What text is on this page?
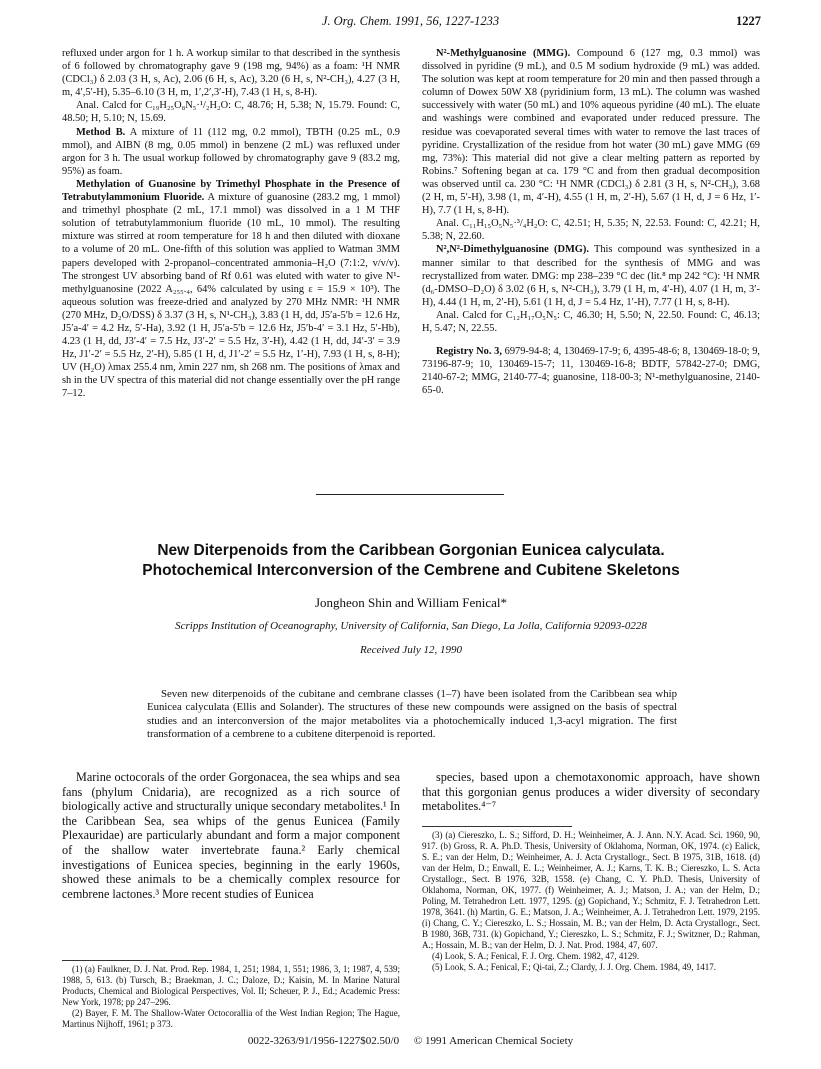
J. Org. Chem. 1991, 56, 1227-1233	1227

refluxed under argon for 1 h. A workup similar to that described in the synthesis of 6 followed by chromatography gave 9 (198 mg, 94%) as a foam: ¹H NMR (CDCl₃) δ 2.03 (3 H, s, Ac), 2.06 (6 H, s, Ac), 3.20 (6 H, s, N²-CH₃), 4.27 (3 H, m, 4′,5′-H), 5.35–6.10 (3 H, m, 1′,2′,3′-H), 7.43 (1 H, s, 8-H).

Anal. Calcd for C₁₉H₂₅O₈N₅·¹/₂H₂O: C, 48.76; H, 5.38; N, 15.79. Found: C, 48.50; H, 5.10; N, 15.69.

Method B. A mixture of 11 (112 mg, 0.2 mmol), TBTH (0.25 mL, 0.9 mmol), and AIBN (8 mg, 0.05 mmol) in benzene (2 mL) was refluxed under argon for 3 h. The usual workup followed by chromatography gave 9 (83.2 mg, 95%) as foam.

Methylation of Guanosine by Trimethyl Phosphate in the Presence of Tetrabutylammonium Fluoride. A mixture of guanosine (283.2 mg, 1 mmol) and trimethyl phosphate (2 mL, 17.1 mmol) was dissolved in a 1 M THF solution of tetrabutylammonium fluoride (10 mL, 10 mmol). The resulting mixture was stirred at room temperature for 18 h and then diluted with dioxane to a volume of 20 mL. One-fifth of this solution was applied to Watman 3MM papers developed with 2-propanol–concentrated ammonia–H₂O (7:1:2, v/v/v). The strongest UV absorbing band of Rf 0.61 was eluted with water to give N¹-methylguanosine (2022 A₂₅₅.₄, 64% calculated by using ε = 15.9 × 10³). The aqueous solution was freeze-dried and analyzed by 270 MHz NMR: ¹H NMR (270 MHz, D₂O/DSS) δ 3.37 (3 H, s, N¹-CH₃), 3.83 (1 H, dd, J5′a-5′b = 12.6 Hz, J5′a-4′ = 4.2 Hz, 5′-Ha), 3.92 (1 H, J5′a-5′b = 12.6 Hz, J5′b-4′ = 3.1 Hz, 5′-Hb), 4.23 (1 H, dd, J3′-4′ = 7.5 Hz, J3′-2′ = 5.5 Hz, 3′-H), 4.42 (1 H, dd, J4′-3′ = 3.9 Hz, J1′-2′ = 5.5 Hz, 2′-H), 5.85 (1 H, d, J1′-2′ = 5.5 Hz, 1′-H), 7.93 (1 H, s, 8-H); UV (H₂O) λmax 255.4 nm, λmin 227 nm, sh 268 nm. The positions of λmax and sh in the UV spectra of this material did not change essentially over the pH range 7–12.

N²-Methylguanosine (MMG). Compound 6 (127 mg, 0.3 mmol) was dissolved in pyridine (9 mL), and 0.5 M sodium hydroxide (9 mL) was added. The solution was kept at room temperature for 20 min and then passed through a column of Dowex 50W X8 (pyridinium form, 13 mL). The column was washed successively with water (50 mL) and 10% aqueous pyridine (40 mL). The eluate and washings were combined and evaporated under reduced pressure. The residue was coevaporated several times with water to remove the last traces of pyridine. Crystallization of the residue from hot water (30 mL) gave MMG (69 mg, 73%): This material did not give a clear melting pattern as reported by Robins.⁷ Softening began at ca. 179 °C and from then gradual decomposition was observed until ca. 230 °C: ¹H NMR (CDCl₃) δ 2.81 (3 H, s, N²-CH₃), 3.68 (2 H, m, 5′-H), 3.98 (1, m, 4′-H), 4.55 (1 H, m, 2′-H), 5.67 (1 H, d, J = 6 Hz, 1′-H), 7.7 (1 H, s, 8-H).

Anal. C₁₁H₁₅O₅N₅·³/₄H₂O: C, 42.51; H, 5.35; N, 22.53. Found: C, 42.21; H, 5.38; N, 22.60.

N²,N²-Dimethylguanosine (DMG). This compound was synthesized in a manner similar to that described for the synthesis of MMG and was recrystallized from water. DMG: mp 238–239 °C dec (lit.⁸ mp 242 °C): ¹H NMR (d₆-DMSO–D₂O) δ 3.02 (6 H, s, N²-CH₃), 3.79 (1 H, m, 4′-H), 4.07 (1 H, m, 3′-H), 4.44 (1 H, m, 2′-H), 5.61 (1 H, d, J = 5.4 Hz, 1′-H), 7.77 (1 H, s, 8-H).

Anal. Calcd for C₁₂H₁₇O₅N₅: C, 46.30; H, 5.50; N, 22.50. Found: C, 46.13; H, 5.47; N, 22.55.

Registry No. 3, 6979-94-8; 4, 130469-17-9; 6, 4395-48-6; 8, 130469-18-0; 9, 73196-87-9; 10, 130469-15-7; 11, 130469-16-8; BDTF, 57842-27-0; DMG, 2140-67-2; MMG, 2140-77-4; guanosine, 118-00-3; N¹-methylguanosine, 2140-65-0.

New Diterpenoids from the Caribbean Gorgonian Eunicea calyculata.
Photochemical Interconversion of the Cembrene and Cubitene Skeletons
Jongheon Shin and William Fenical*
Scripps Institution of Oceanography, University of California, San Diego, La Jolla, California 92093-0228
Received July 12, 1990
Seven new diterpenoids of the cubitane and cembrane classes (1–7) have been isolated from the Caribbean sea whip Eunicea calyculata (Ellis and Solander). The structures of these new compounds were assigned on the basis of spectral studies and an interconversion of the major metabolites via a photochemically induced 1,3-acyl migration. The first transformation of a cembrene to a cubitene diterpenoid is reported.

Marine octocorals of the order Gorgonacea, the sea whips and sea fans (phylum Cnidaria), are recognized as a rich source of biologically active and structurally unique secondary metabolites.¹ In the Caribbean Sea, sea whips of the genus Eunicea (Family Plexauridae) are particularly abundant and form a major component of the shallow water invertebrate fauna.² Early chemical investigations of Eunicea species, beginning in the early 1960s, showed these animals to be a chemically complex resource for cembrene lactones.³ More recent studies of Eunicea

species, based upon a chemotaxonomic approach, have shown that this gorgonian genus produces a wider diversity of secondary metabolites.⁴⁻⁷

(1) (a) Faulkner, D. J. Nat. Prod. Rep. 1984, 1, 251; 1984, 1, 551; 1986, 3, 1; 1987, 4, 539; 1988, 5, 613. (b) Tursch, B.; Braekman, J. C.; Daloze, D.; Kaisin, M. In Marine Natural Products, Chemical and Biological Perspectives, Vol. II; Scheuer, P. J., Ed.; Academic Press: New York, 1978; pp 247–296.

(2) Bayer, F. M. The Shallow-Water Octocorallia of the West Indian Region; The Hague, Martinus Nijhoff, 1961; p 373.

(3) (a) Ciereszko, L. S.; Sifford, D. H.; Weinheimer, A. J. Ann. N.Y. Acad. Sci. 1960, 90, 917. (b) Gross, R. A. Ph.D. Thesis, University of Oklahoma, Norman, OK, 1974. (c) Ealick, S. E.; van der Helm, D.; Weinheimer, A. J. Acta Crystallogr., Sect. B 1975, 31B, 1618. (d) van der Helm, D.; Enwall, E. L.; Weinheimer, A. J.; Karns, T. K. B.; Ciereszko, L. S. Acta Crystallogr., Sect. B 1976, 32B, 1558. (e) Chang, C. Y. Ph.D. Thesis, University of Oklahoma, Norman, OK, 1977. (f) Weinheimer, A. J.; Matson, J. A.; van der Helm, D.; Poling, M. Tetrahedron Lett. 1977, 1295. (g) Gopichand, Y.; Schmitz, F. J. Tetrahedron Lett. 1978, 3641. (h) Martin, G. E.; Matson, J. A.; Weinheimer, A. J. Tetrahedron Lett. 1979, 2195. (i) Chang, C. Y.; Ciereszko, L. S.; Hossain, M. B.; van der Helm, D. Acta Crystallogr., Sect. B 1980, 36B, 731. (k) Gopichand, Y.; Ciereszko, L. S.; Schmitz, F. J.; Switzner, D.; Rahman, A.; Hossain, M. B.; van der Helm, D. J. Nat. Prod. 1984, 47, 607.

(4) Look, S. A.; Fenical, F. J. Org. Chem. 1982, 47, 4129.

(5) Look, S. A.; Fenical, F.; Qi-tai, Z.; Clardy, J. J. Org. Chem. 1984, 49, 1417.

0022-3263/91/1956-1227$02.50/0 © 1991 American Chemical Society
